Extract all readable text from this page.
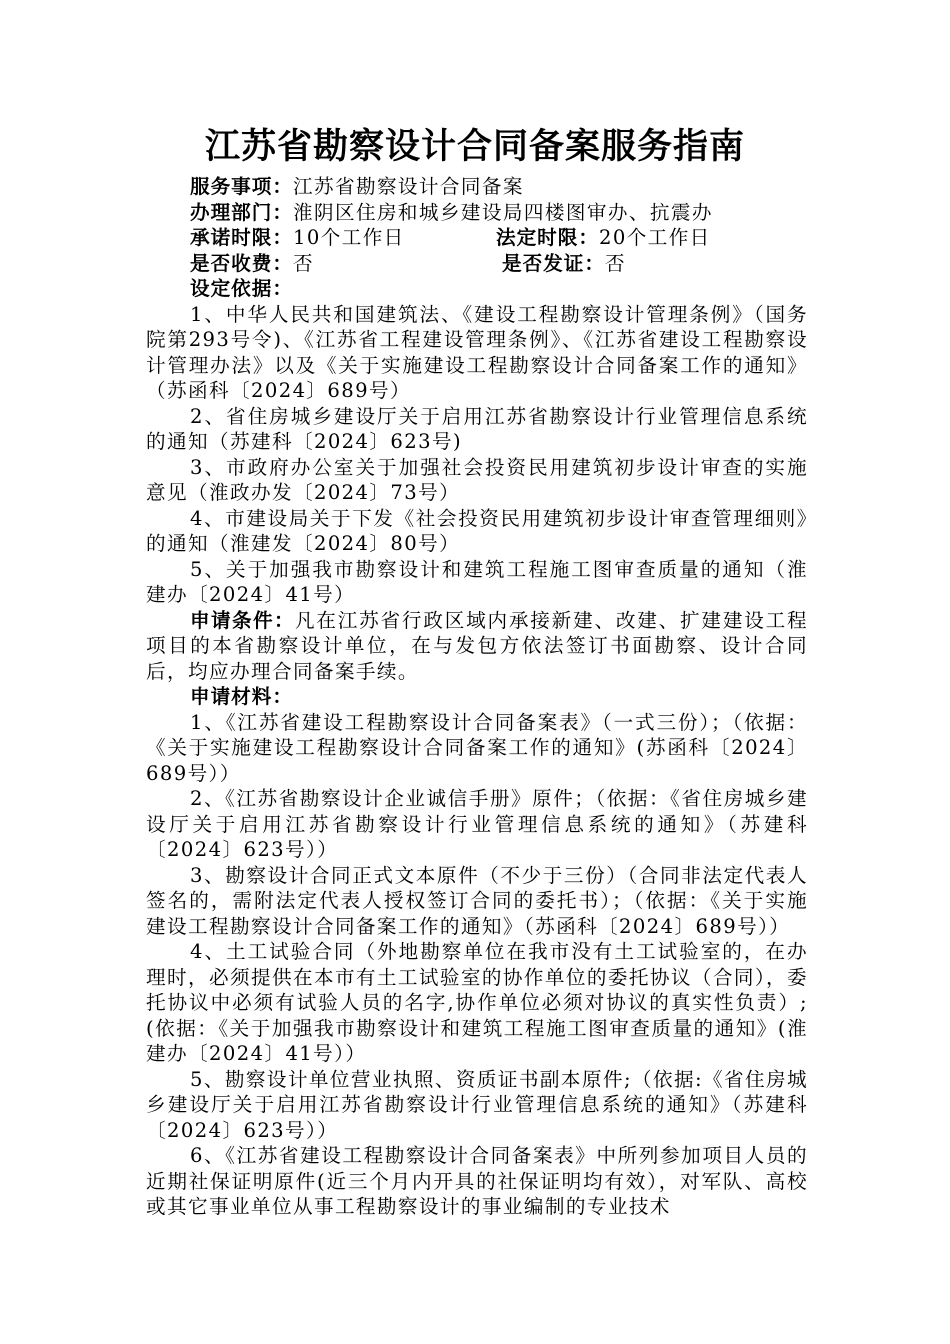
江苏省勘察设计合同备案服务指南
服务事项：江苏省勘察设计合同备案
办理部门：淮阴区住房和城乡建设局四楼图审办、抗震办
承诺时限：10个工作日	法定时限：20个工作日
是否收费：否	是否发证：否
设定依据：

1、中华人民共和国建筑法、《建设工程勘察设计管理条例》（国务院第293号令)、《江苏省工程建设管理条例》、《江苏省建设工程勘察设计管理办法》以及《关于实施建设工程勘察设计合同备案工作的通知》（苏函科〔2024〕689号）

2、省住房城乡建设厅关于启用江苏省勘察设计行业管理信息系统的通知（苏建科〔2024〕623号)

3、市政府办公室关于加强社会投资民用建筑初步设计审查的实施意见（淮政办发〔2024〕73号）

4、市建设局关于下发《社会投资民用建筑初步设计审查管理细则》的通知（淮建发〔2024〕80号）

5、关于加强我市勘察设计和建筑工程施工图审查质量的通知（淮建办〔2024〕41号）

申请条件：凡在江苏省行政区域内承接新建、改建、扩建建设工程项目的本省勘察设计单位，在与发包方依法签订书面勘察、设计合同后，均应办理合同备案手续。

申请材料：

1、《江苏省建设工程勘察设计合同备案表》（一式三份）；（依据：《关于实施建设工程勘察设计合同备案工作的通知》(苏函科〔2024〕689号））

2、《江苏省勘察设计企业诚信手册》原件；（依据：《省住房城乡建设厅关于启用江苏省勘察设计行业管理信息系统的通知》（苏建科〔2024〕623号））

3、勘察设计合同正式文本原件（不少于三份）（合同非法定代表人签名的，需附法定代表人授权签订合同的委托书）；（依据：《关于实施建设工程勘察设计合同备案工作的通知》（苏函科〔2024〕689号））

4、土工试验合同（外地勘察单位在我市没有土工试验室的，在办理时，必须提供在本市有土工试验室的协作单位的委托协议（合同），委托协议中必须有试验人员的名字,协作单位必须对协议的真实性负责）;(依据：《关于加强我市勘察设计和建筑工程施工图审查质量的通知》(淮建办〔2024〕41号））

5、勘察设计单位营业执照、资质证书副本原件;（依据:《省住房城乡建设厅关于启用江苏省勘察设计行业管理信息系统的通知》（苏建科〔2024〕623号））

6、《江苏省建设工程勘察设计合同备案表》中所列参加项目人员的近期社保证明原件(近三个月内开具的社保证明均有效），对军队、高校或其它事业单位从事工程勘察设计的事业编制的专业技术
